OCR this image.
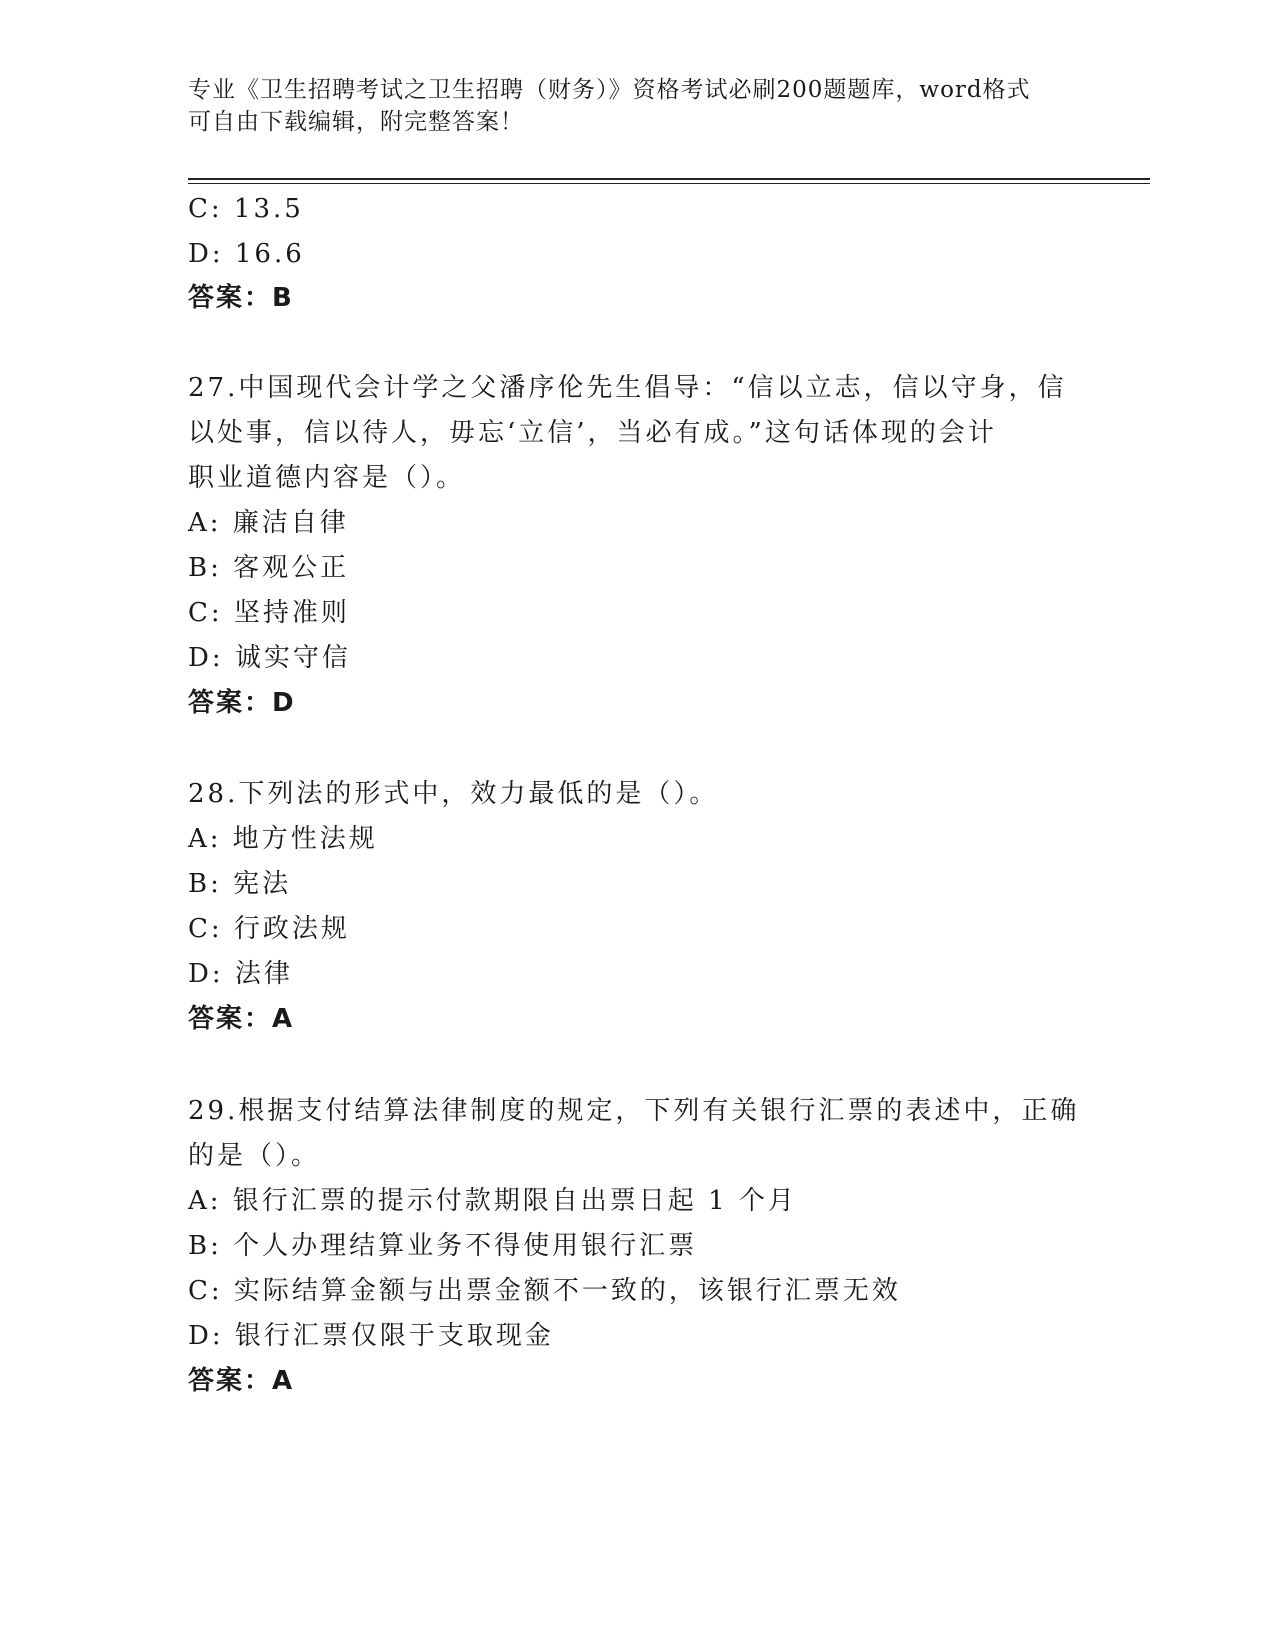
专业《卫生招聘考试之卫生招聘（财务）》资格考试必刷200题题库，word格式
可自由下载编辑，附完整答案！
C: 13.5
D: 16.6
答案：B
27.中国现代会计学之父潘序伦先生倡导：“信以立志，信以守身，信
以处事，信以待人，毋忘‘立信’，当必有成。”这句话体现的会计
职业道德内容是（）。
A: 廉洁自律
B: 客观公正
C: 坚持准则
D: 诚实守信
答案：D
28.下列法的形式中，效力最低的是（）。
A: 地方性法规
B: 宪法
C: 行政法规
D: 法律
答案：A
29.根据支付结算法律制度的规定，下列有关银行汇票的表述中，正确
的是（）。
A: 银行汇票的提示付款期限自出票日起 1 个月
B: 个人办理结算业务不得使用银行汇票
C: 实际结算金额与出票金额不一致的，该银行汇票无效
D: 银行汇票仅限于支取现金
答案：A
